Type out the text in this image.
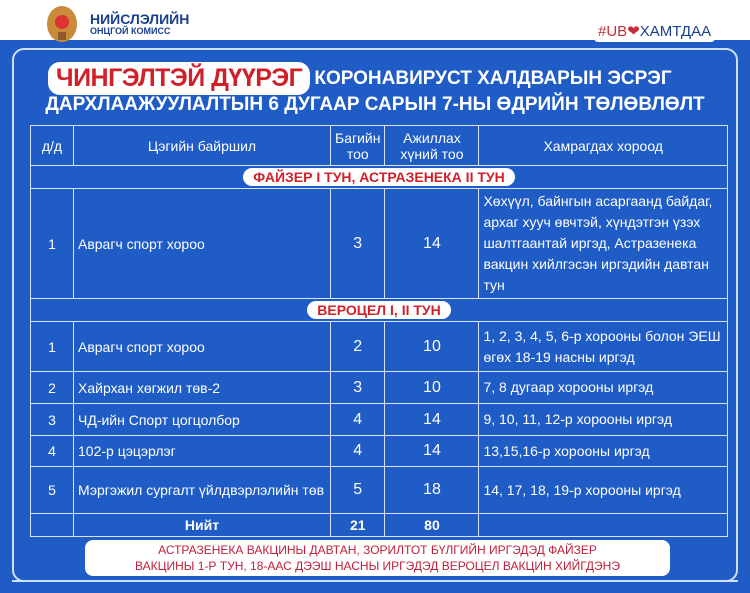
НИЙСЛЭЛИЙН
ОНЦГОЙ КОМИСС	#UB❤ХАМТДАА
ЧИНГЭЛТЭЙ ДҮҮРЭГ КОРОНАВИРУСТ ХАЛДВАРЫН ЭСРЭГ
ДАРХЛААЖУУЛАЛТЫН 6 ДУГААР САРЫН 7-НЫ ӨДРИЙН ТӨЛӨВЛӨЛТ
д/д	Цэгийн байршил	Багийн тоо	Ажиллах хүний тоо	Хамрагдах хороод
ФАЙЗЕР I ТУН, АСТРАЗЕНЕКА II ТУН				
1	Аврагч спорт хороо	3	14	Хөхүүл, байнгын асаргаанд байдаг, архаг хууч өвчтэй, хүндэтгэн үзэх шалтгаантай иргэд, Астразенека вакцин хийлгэсэн иргэдийн давтан тун
ВЕРОЦЕЛ I, II ТУН				
1	Аврагч спорт хороо	2	10	1, 2, 3, 4, 5, 6-р хорооны болон ЭЕШ өгөх 18-19 насны иргэд
2	Хайрхан хөгжил төв-2	3	10	7, 8 дугаар хорооны иргэд
3	ЧД-ийн Спорт цогцолбор	4	14	9, 10, 11, 12-р хорооны иргэд
4	102-р цэцэрлэг	4	14	13,15,16-р хорооны иргэд
5	Мэргэжил сургалт үйлдвэрлэлийн төв	5	18	14, 17, 18, 19-р хорооны иргэд
	Нийт	21	80	
АСТРАЗЕНЕКА ВАКЦИНЫ ДАВТАН, ЗОРИЛТОТ БҮЛГИЙН ИРГЭДЭД ФАЙЗЕР
ВАКЦИНЫ 1-Р ТУН, 18-ААС ДЭЭШ НАСНЫ ИРГЭДЭД ВЕРОЦЕЛ ВАКЦИН ХИЙГДЭНЭ
